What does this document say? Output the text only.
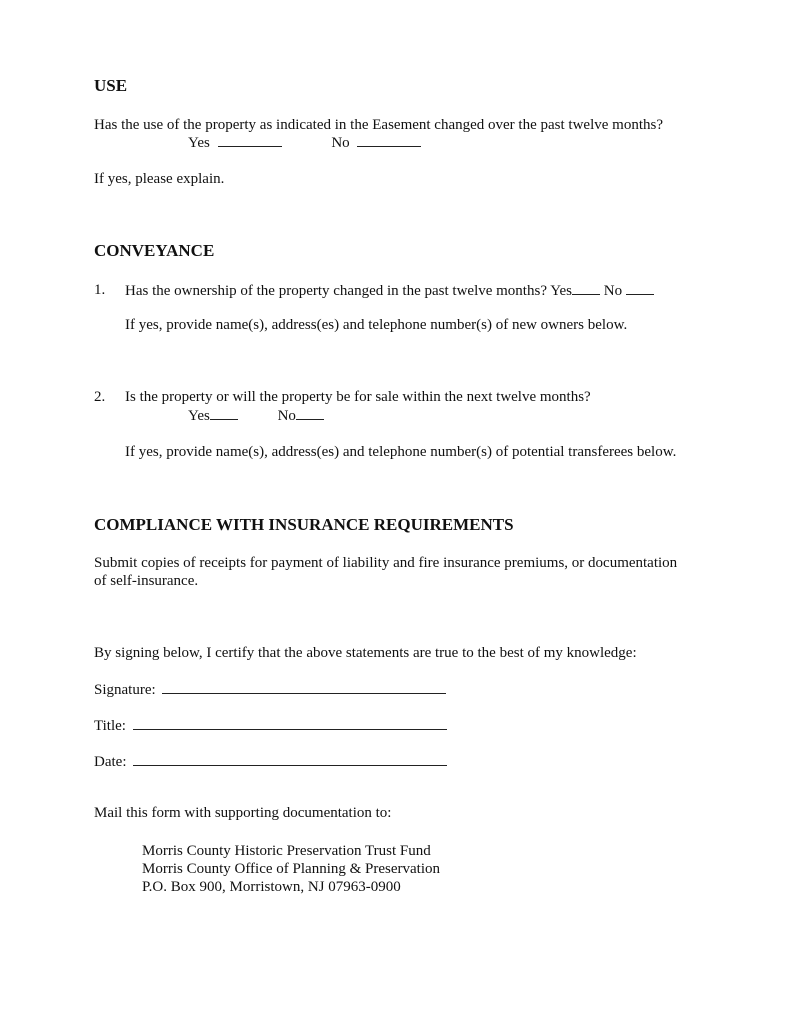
USE
Has the use of the property as indicated in the Easement changed over the past twelve months?
Yes	No
If yes, please explain.
CONVEYANCE
1. Has the ownership of the property changed in the past twelve months? Yes No
If yes, provide name(s), address(es) and telephone number(s) of new owners below.
2. Is the property or will the property be for sale within the next twelve months?
Yes	No
If yes, provide name(s), address(es) and telephone number(s) of potential transferees below.
COMPLIANCE WITH INSURANCE REQUIREMENTS
Submit copies of receipts for payment of liability and fire insurance premiums, or documentation
of self-insurance.
By signing below, I certify that the above statements are true to the best of my knowledge:
Signature:
Title:
Date:
Mail this form with supporting documentation to:
Morris County Historic Preservation Trust Fund
Morris County Office of Planning & Preservation
P.O. Box 900, Morristown, NJ 07963-0900
